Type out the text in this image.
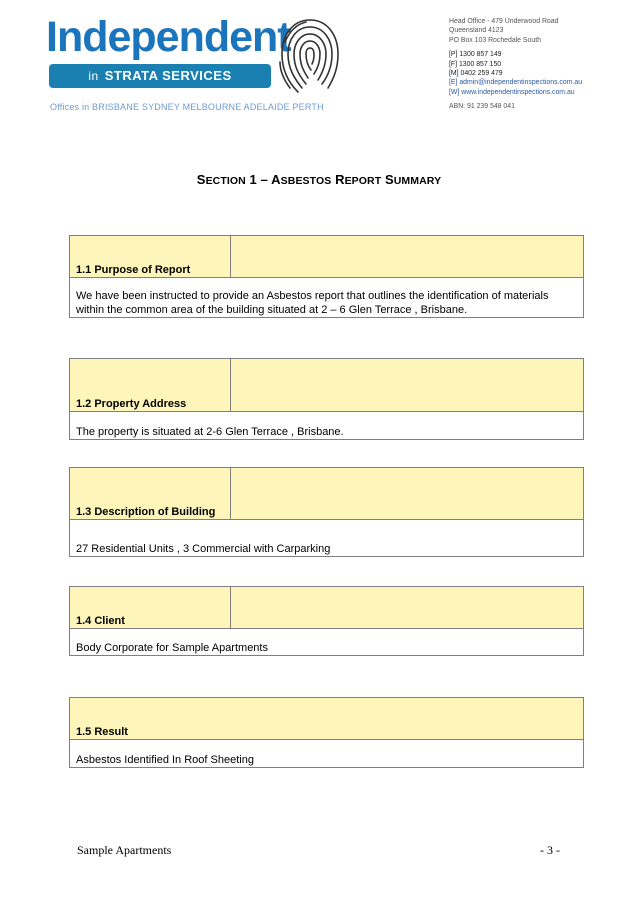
Independent
in STRATA SERVICES
Offices in BRISBANE SYDNEY MELBOURNE ADELAIDE PERTH
Head Office - 479 Underwood Road
Queensland 4123
PO Box 103 Rochedale South
[P] 1300 857 149
[F] 1300 857 150
[M] 0402 259 479
[E] admin@independentinspections.com.au
[W] www.independentinspections.com.au
ABN: 91 239 548 041
SECTION 1 – ASBESTOS REPORT SUMMARY
1.1 Purpose of Report	
We have been instructed to provide an Asbestos report that outlines the identification of materials within the common area of the building situated at 2 – 6 Glen Terrace , Brisbane.
1.2 Property Address	
The property is situated at 2-6 Glen Terrace , Brisbane.
1.3 Description of Building	
27 Residential Units , 3 Commercial with Carparking
1.4 Client	
Body Corporate for Sample Apartments
1.5 Result
Asbestos Identified In Roof Sheeting
Sample Apartments	- 3 -
